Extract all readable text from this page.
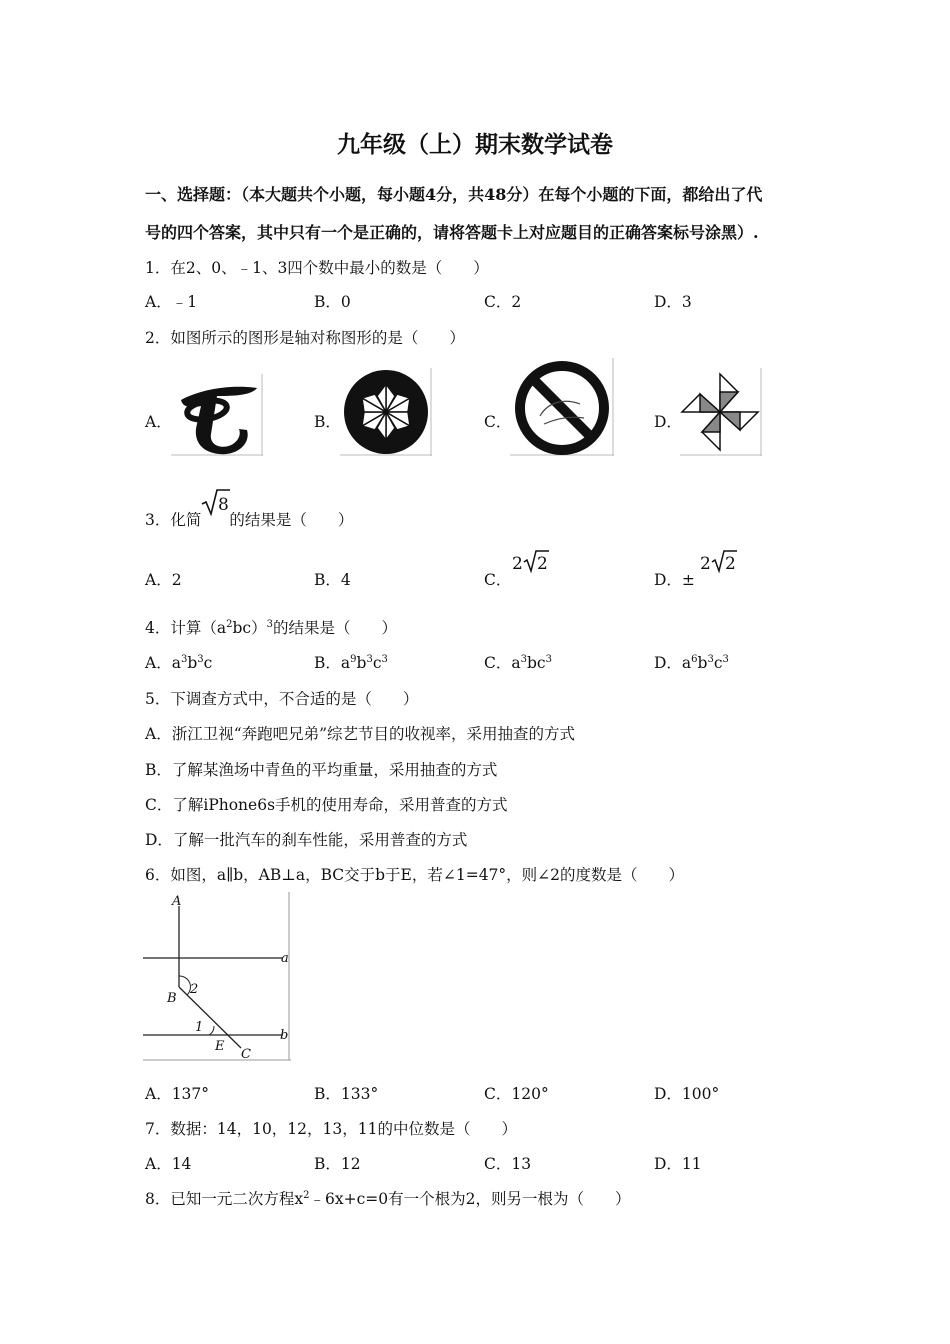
九年级（上）期末数学试卷
一、选择题：（本大题共个小题，每小题4分，共48分）在每个小题的下面，都给出了代
号的四个答案，其中只有一个是正确的，请将答题卡上对应题目的正确答案标号涂黑）.
1．在2、0、﹣1、3四个数中最小的数是（　　）
A．﹣1	B．0	C．2	D．3
2．如图所示的图形是轴对称图形的是（　　）
A．	B．	C．	D．
3．化简 的结果是（　　）
8
A．2	B．4	C．	D．±
2 2	2 2
4．计算$(a^2bc)^3$的结果是（　　）
A．$a^3b^3c$	B．$a^9b^3c^3$	C．$a^3bc^3$	D．$a^6b^3c^3$
5．下调查方式中，不合适的是（　　）
A．浙江卫视“奔跑吧兄弟”综艺节目的收视率，采用抽查的方式
B．了解某渔场中青鱼的平均重量，采用抽查的方式
C．了解iPhone6s手机的使用寿命，采用普查的方式
D．了解一批汽车的刹车性能，采用普查的方式
6．如图，a∥b，AB⊥a，BC交于b于E，若∠1=47°，则∠2的度数是（　　）
A
a
B
2
1
b
E
C
A．137°	B．133°	C．120°	D．100°
7．数据：14，10，12，13，11的中位数是（　　）
A．14	B．12	C．13	D．11
8．已知一元二次方程$x^2﹣6x+c=0$有一个根为2，则另一根为（　　）
